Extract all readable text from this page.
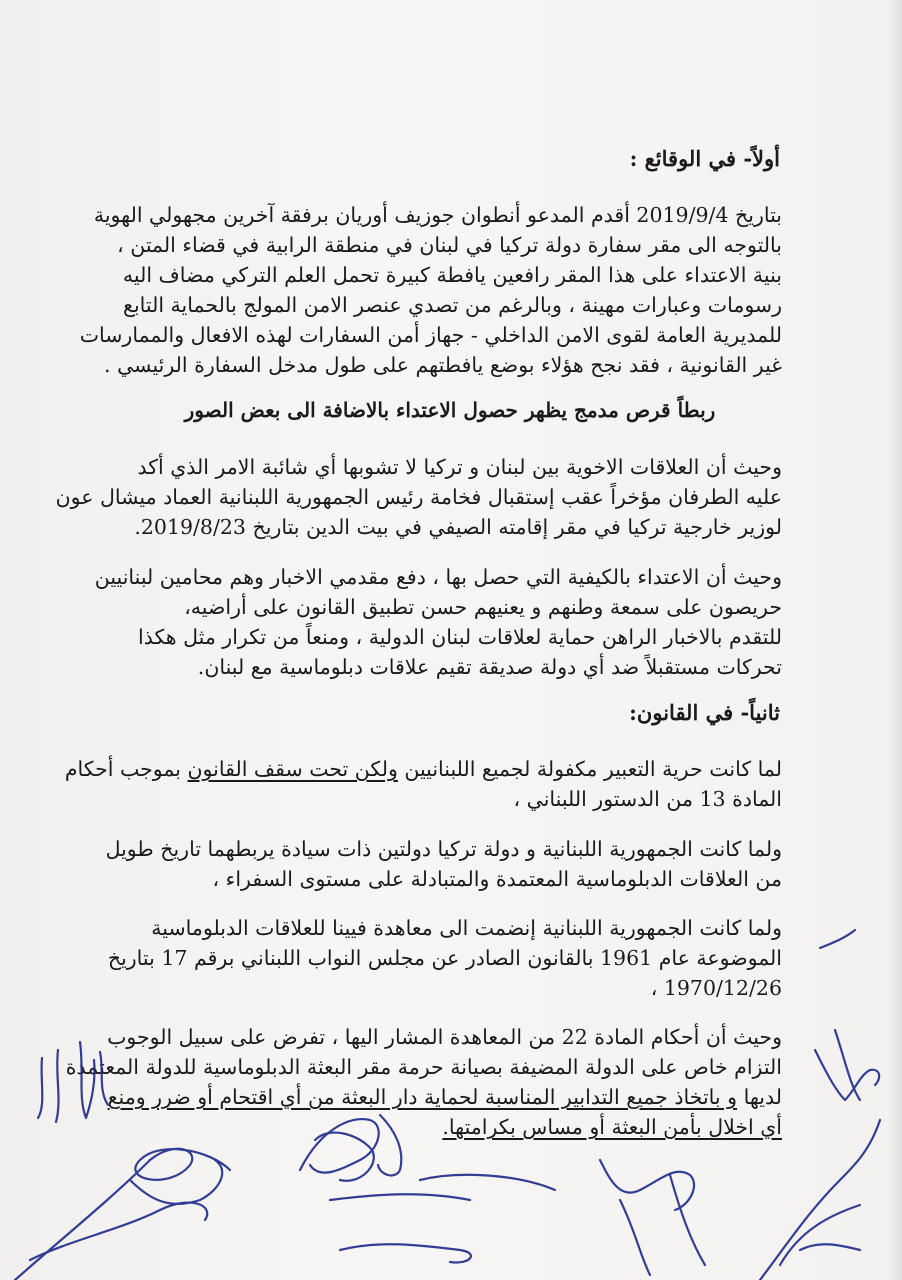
أولاً- في الوقائع :
بتاريخ 2019/9/4 أقدم المدعو أنطوان جوزيف أوريان برفقة آخرين مجهولي الهوية
بالتوجه الى مقر سفارة دولة تركيا في لبنان في منطقة الرابية في قضاء المتن ،
بنية الاعتداء على هذا المقر رافعين يافطة كبيرة تحمل العلم التركي مضاف اليه
رسومات وعبارات مهينة ، وبالرغم من تصدي عنصر الامن المولج بالحماية التابع
للمديرية العامة لقوى الامن الداخلي - جهاز أمن السفارات لهذه الافعال والممارسات
غير القانونية ، فقد نجح هؤلاء بوضع يافطتهم على طول مدخل السفارة الرئيسي .
ربطاً قرص مدمج يظهر حصول الاعتداء بالاضافة الى بعض الصور
وحيث أن العلاقات الاخوية بين لبنان و تركيا لا تشوبها أي شائبة الامر الذي أكد
عليه الطرفان مؤخراً عقب إستقبال فخامة رئيس الجمهورية اللبنانية العماد ميشال عون
لوزير خارجية تركيا في مقر إقامته الصيفي في بيت الدين بتاريخ 2019/8/23.
وحيث أن الاعتداء بالكيفية التي حصل بها ، دفع مقدمي الاخبار وهم محامين لبنانيين
حريصون على سمعة وطنهم و يعنيهم حسن تطبيق القانون على أراضيه،
للتقدم بالاخبار الراهن حماية لعلاقات لبنان الدولية ، ومنعاً من تكرار مثل هكذا
تحركات مستقبلاً ضد أي دولة صديقة تقيم علاقات دبلوماسية مع لبنان.
ثانياً- في القانون:
لما كانت حرية التعبير مكفولة لجميع اللبنانيين ولكن تحت سقف القانون بموجب أحكام
المادة 13 من الدستور اللبناني ،
ولما كانت الجمهورية اللبنانية و دولة تركيا دولتين ذات سيادة يربطهما تاريخ طويل
من العلاقات الدبلوماسية المعتمدة والمتبادلة على مستوى السفراء ،
ولما كانت الجمهورية اللبنانية إنضمت الى معاهدة فيينا للعلاقات الدبلوماسية
الموضوعة عام 1961 بالقانون الصادر عن مجلس النواب اللبناني برقم 17 بتاريخ
1970/12/26 ،
وحيث أن أحكام المادة 22 من المعاهدة المشار اليها ، تفرض على سبيل الوجوب
التزام خاص على الدولة المضيفة بصيانة حرمة مقر البعثة الدبلوماسية للدولة المعتمدة
لديها و باتخاذ جميع التدابير المناسبة لحماية دار البعثة من أي اقتحام أو ضرر ومنع
أي اخلال بأمن البعثة أو مساس بكرامتها.
